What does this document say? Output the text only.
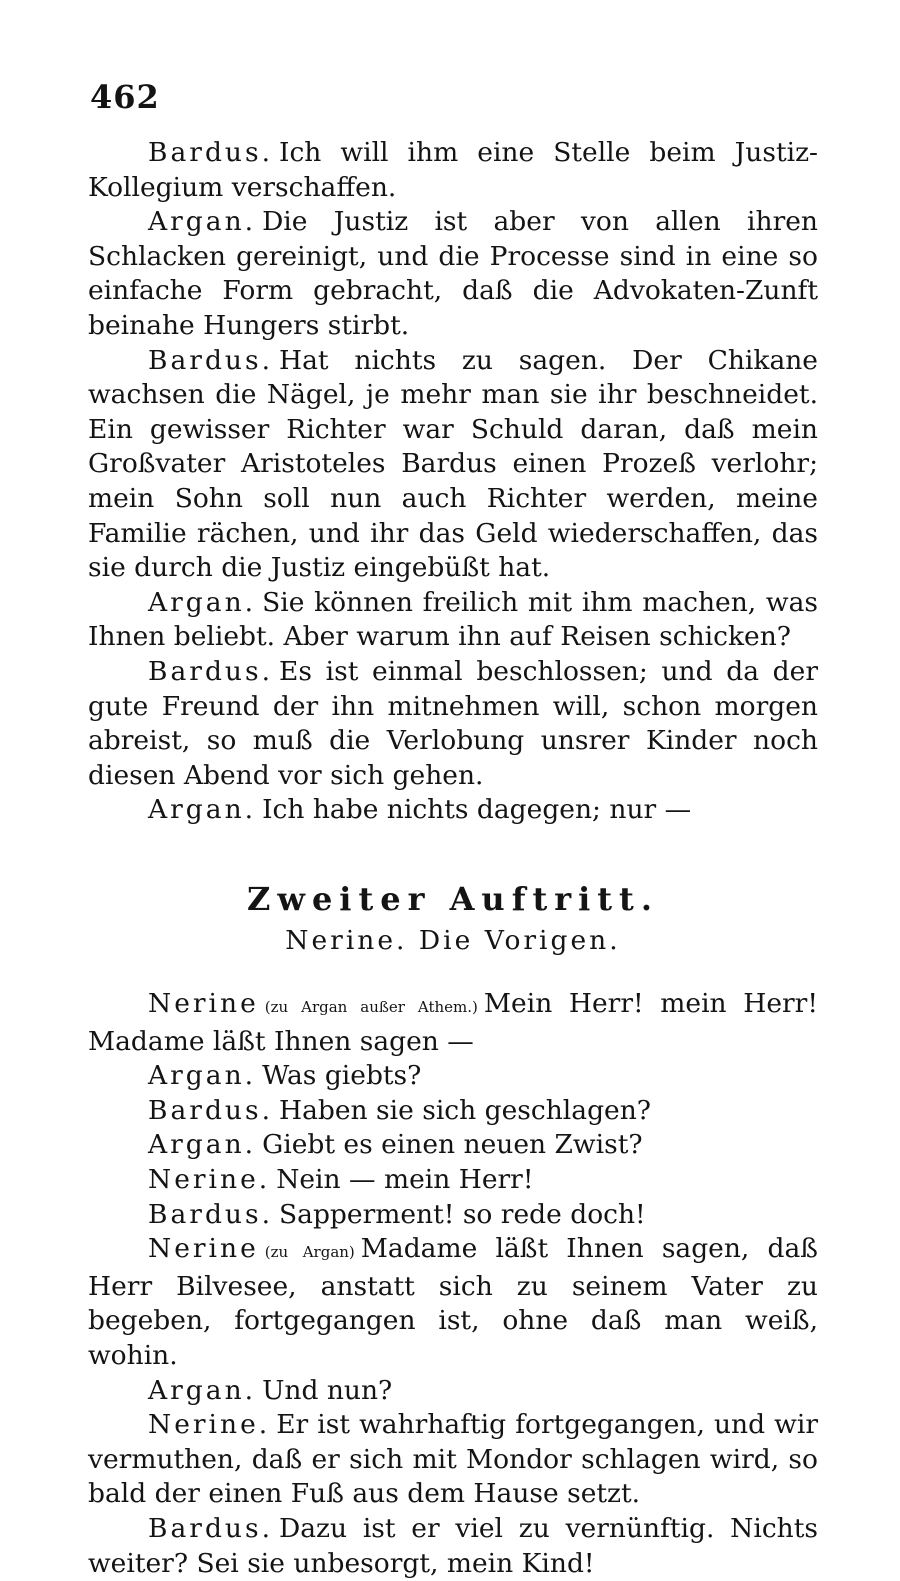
462

Bardus. Ich will ihm eine Stelle beim Justiz-Kollegium verschaffen.

Argan. Die Justiz ist aber von allen ihren Schlacken gereinigt, und die Processe sind in eine so einfache Form gebracht, daß die Advokaten-Zunft beinahe Hungers stirbt.

Bardus. Hat nichts zu sagen. Der Chikane wachsen die Nägel, je mehr man sie ihr beschneidet. Ein gewisser Richter war Schuld daran, daß mein Großvater Aristoteles Bardus einen Prozeß verlohr; mein Sohn soll nun auch Richter werden, meine Familie rächen, und ihr das Geld wiederschaffen, das sie durch die Justiz eingebüßt hat.

Argan. Sie können freilich mit ihm machen, was Ihnen beliebt. Aber warum ihn auf Reisen schicken?

Bardus. Es ist einmal beschlossen; und da der gute Freund der ihn mitnehmen will, schon morgen abreist, so muß die Verlobung unsrer Kinder noch diesen Abend vor sich gehen.

Argan. Ich habe nichts dagegen; nur —

Zweiter Auftritt.
Nerine. Die Vorigen.

Nerine (zu Argan außer Athem.) Mein Herr! mein Herr! Madame läßt Ihnen sagen —

Argan. Was giebts?

Bardus. Haben sie sich geschlagen?

Argan. Giebt es einen neuen Zwist?

Nerine. Nein — mein Herr!

Bardus. Sapperment! so rede doch!

Nerine (zu Argan) Madame läßt Ihnen sagen, daß Herr Bilvesee, anstatt sich zu seinem Vater zu begeben, fortgegangen ist, ohne daß man weiß, wohin.

Argan. Und nun?

Nerine. Er ist wahrhaftig fortgegangen, und wir vermuthen, daß er sich mit Mondor schlagen wird, so bald der einen Fuß aus dem Hause setzt.

Bardus. Dazu ist er viel zu vernünftig. Nichts weiter? Sei sie unbesorgt, mein Kind!
